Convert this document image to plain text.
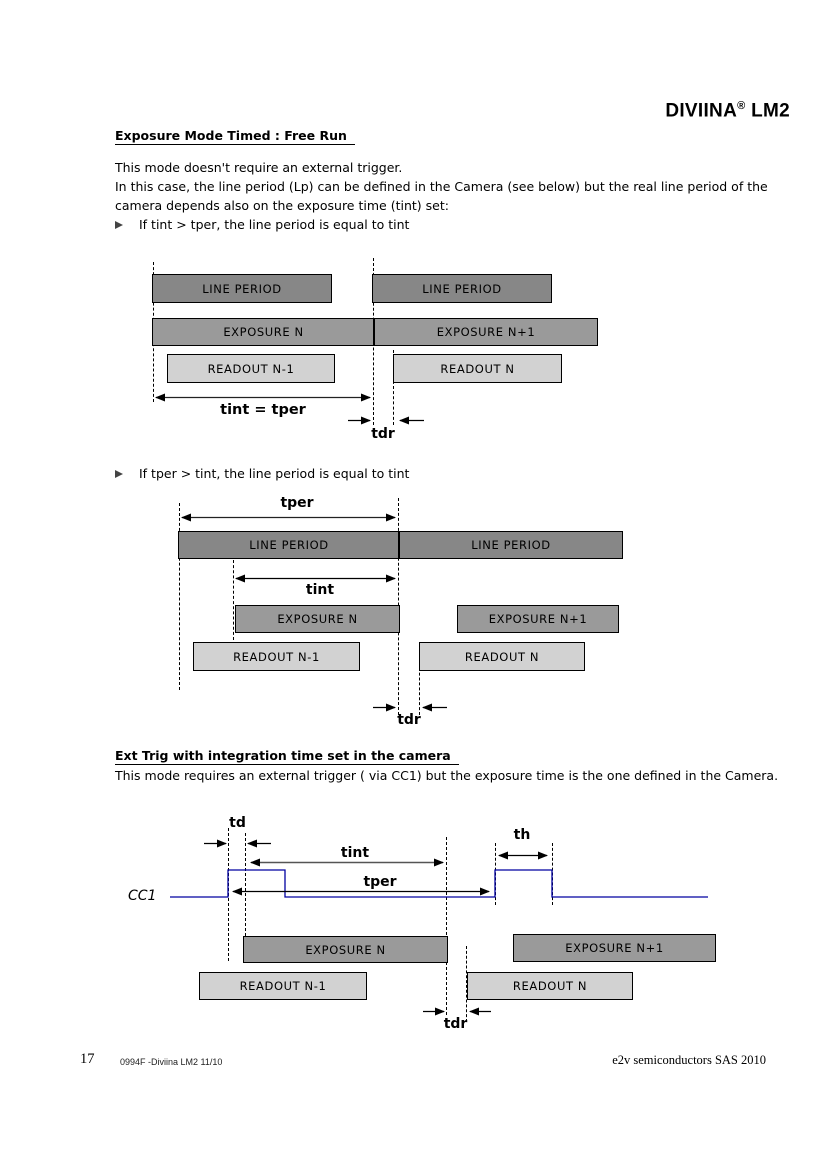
DIVIINA® LM2
Exposure Mode Timed : Free Run
This mode doesn't require an external trigger.
In this case, the line period (Lp) can be defined in the Camera (see below) but the real line period of the
camera depends also on the exposure time (tint) set:
If tint > tper, the line period is equal to tint
LINE PERIOD	LINE PERIOD
EXPOSURE N	EXPOSURE N+1
READOUT N-1	READOUT N
tint = tper
tdr
If tper > tint, the line period is equal to tint
LINE PERIOD	LINE PERIOD
EXPOSURE N	EXPOSURE N+1
READOUT N-1	READOUT N
tper
tint
tdr
Ext Trig with integration time set in the camera
This mode requires an external trigger ( via CC1) but the exposure time is the one defined in the Camera.
EXPOSURE N	EXPOSURE N+1
READOUT N-1	READOUT N
td
tint
tper
th
tdr
CC1
17	0994F -Diviina LM2 11/10	e2v semiconductors SAS 2010
